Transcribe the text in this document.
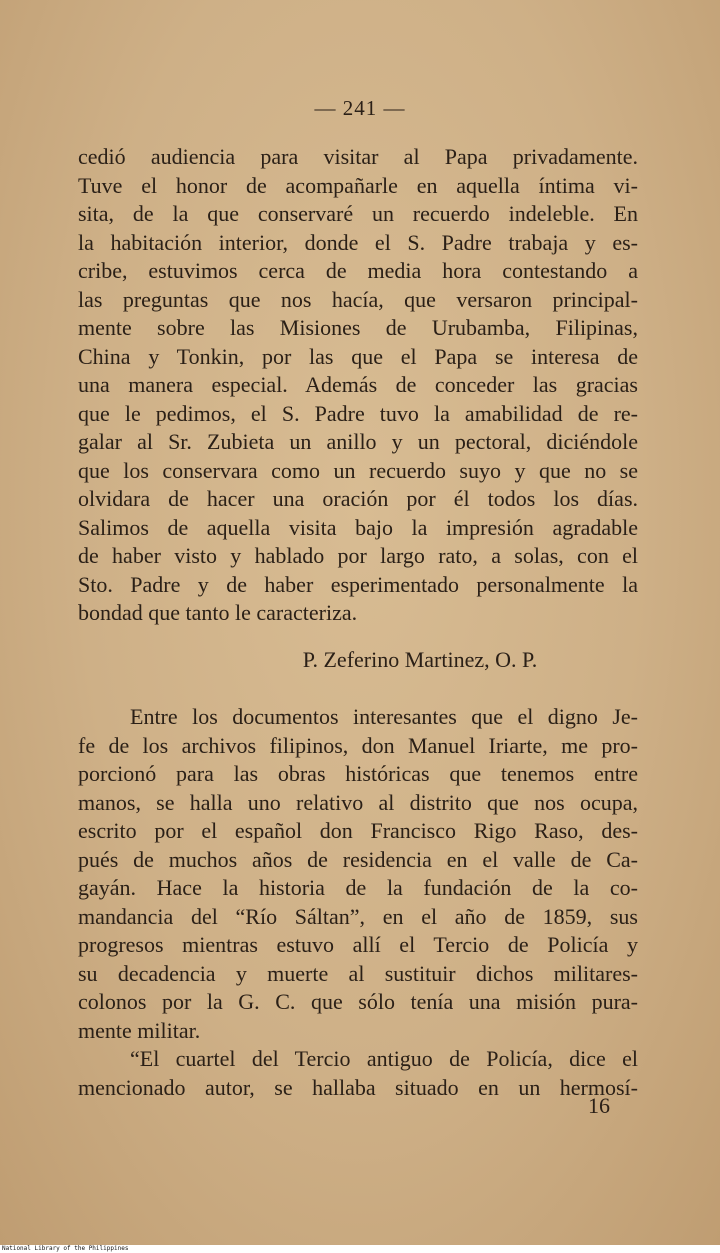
— 241 —
cedió audiencia para visitar al Papa privadamente.
Tuve el honor de acompañarle en aquella íntima vi-
sita, de la que conservaré un recuerdo indeleble. En
la habitación interior, donde el S. Padre trabaja y es-
cribe, estuvimos cerca de media hora contestando a
las preguntas que nos hacía, que versaron principal-
mente sobre las Misiones de Urubamba, Filipinas,
China y Tonkin, por las que el Papa se interesa de
una manera especial. Además de conceder las gracias
que le pedimos, el S. Padre tuvo la amabilidad de re-
galar al Sr. Zubieta un anillo y un pectoral, diciéndole
que los conservara como un recuerdo suyo y que no se
olvidara de hacer una oración por él todos los días.
Salimos de aquella visita bajo la impresión agradable
de haber visto y hablado por largo rato, a solas, con el
Sto. Padre y de haber esperimentado personalmente la
bondad que tanto le caracteriza.
P. Zeferino Martinez, O. P.
Entre los documentos interesantes que el digno Je-
fe de los archivos filipinos, don Manuel Iriarte, me pro-
porcionó para las obras históricas que tenemos entre
manos, se halla uno relativo al distrito que nos ocupa,
escrito por el español don Francisco Rigo Raso, des-
pués de muchos años de residencia en el valle de Ca-
gayán. Hace la historia de la fundación de la co-
mandancia del “Río Sáltan”, en el año de 1859, sus
progresos mientras estuvo allí el Tercio de Policía y
su decadencia y muerte al sustituir dichos militares-
colonos por la G. C. que sólo tenía una misión pura-
mente militar.
“El cuartel del Tercio antiguo de Policía, dice el
mencionado autor, se hallaba situado en un hermosí-
16
National Library of the Philippines
